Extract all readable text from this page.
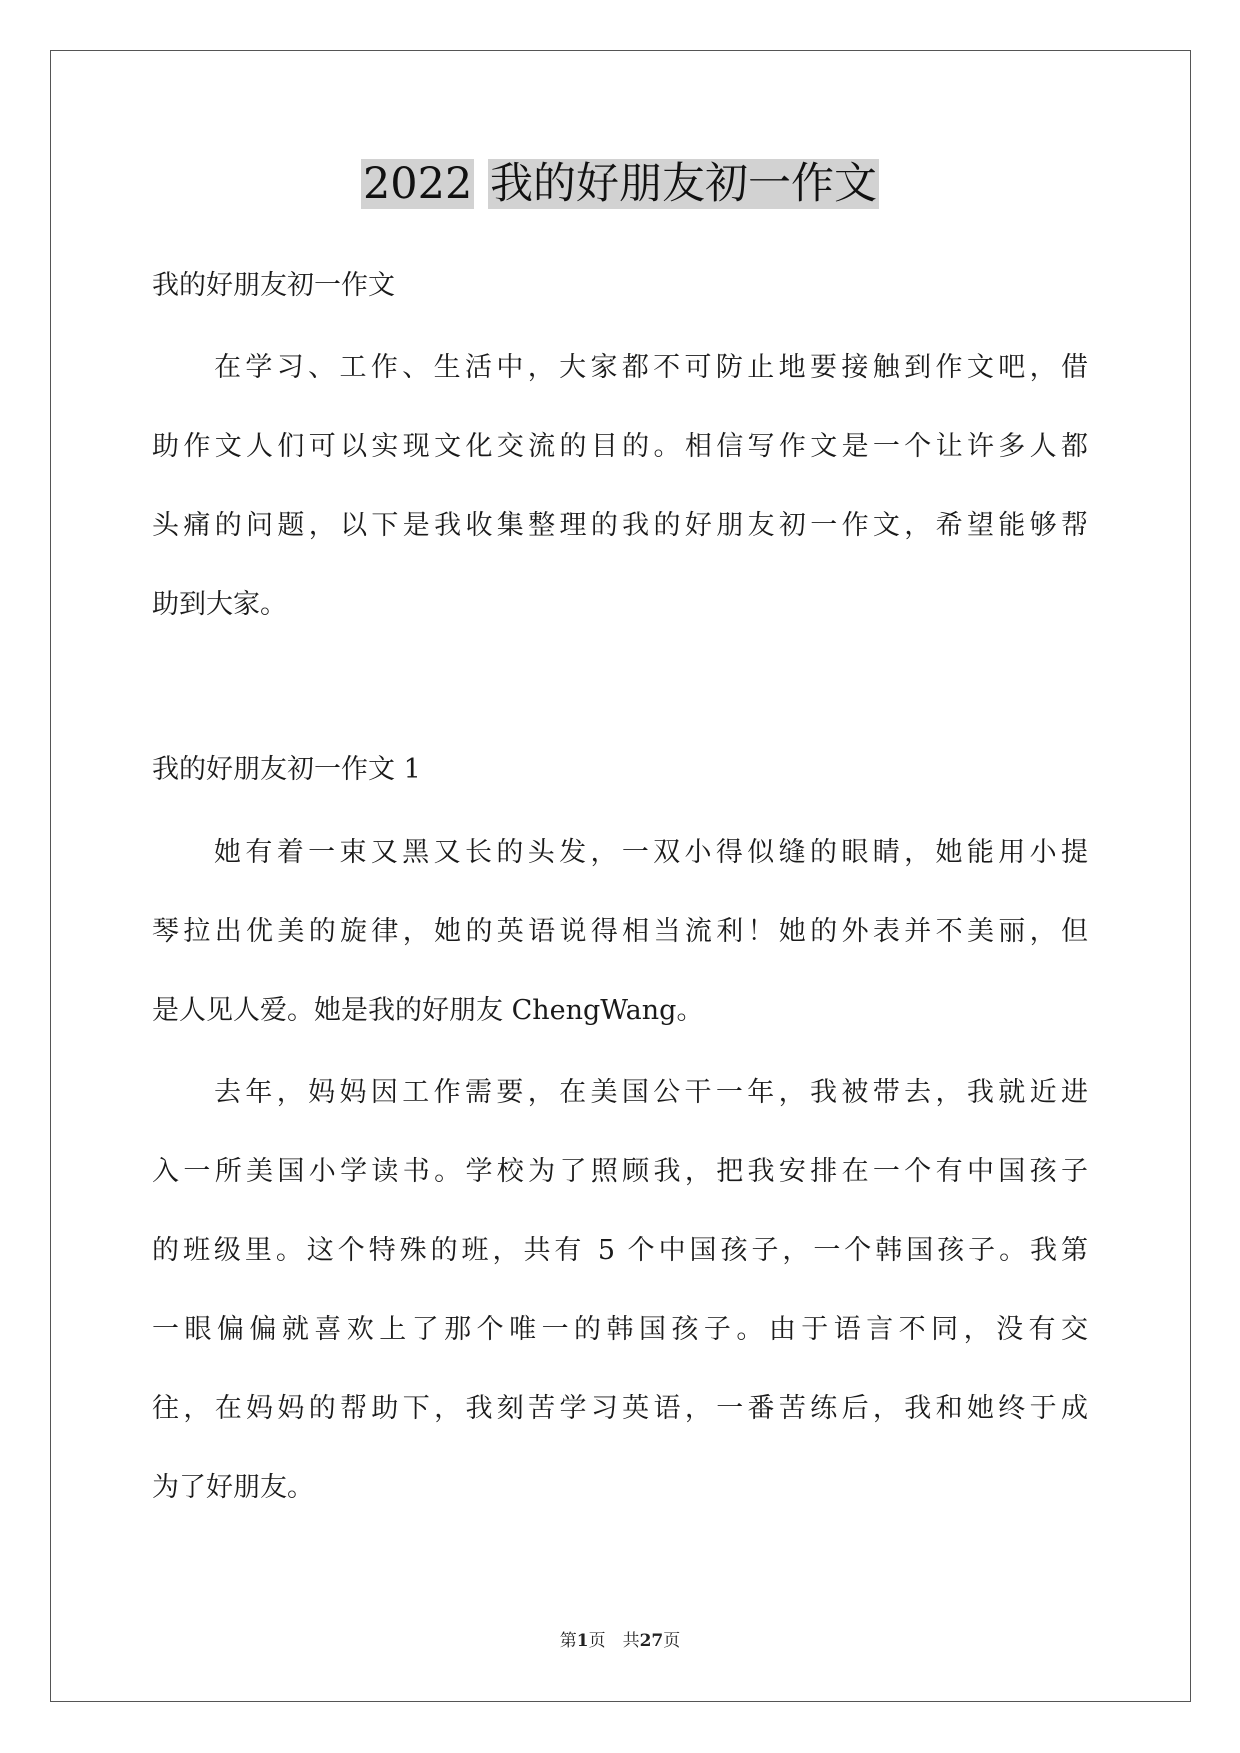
2022 我的好朋友初一作文
我的好朋友初一作文
在学习、工作、生活中，大家都不可防止地要接触到作文吧，借
助作文人们可以实现文化交流的目的。相信写作文是一个让许多人都
头痛的问题，以下是我收集整理的我的好朋友初一作文，希望能够帮
助到大家。
我的好朋友初一作文 1
她有着一束又黑又长的头发，一双小得似缝的眼睛，她能用小提
琴拉出优美的旋律，她的英语说得相当流利！她的外表并不美丽，但
是人见人爱。她是我的好朋友 ChengWang。
去年，妈妈因工作需要，在美国公干一年，我被带去，我就近进
入一所美国小学读书。学校为了照顾我，把我安排在一个有中国孩子
的班级里。这个特殊的班，共有 5 个中国孩子，一个韩国孩子。我第
一眼偏偏就喜欢上了那个唯一的韩国孩子。由于语言不同，没有交
往，在妈妈的帮助下，我刻苦学习英语，一番苦练后，我和她终于成
为了好朋友。
第1页　共27页
